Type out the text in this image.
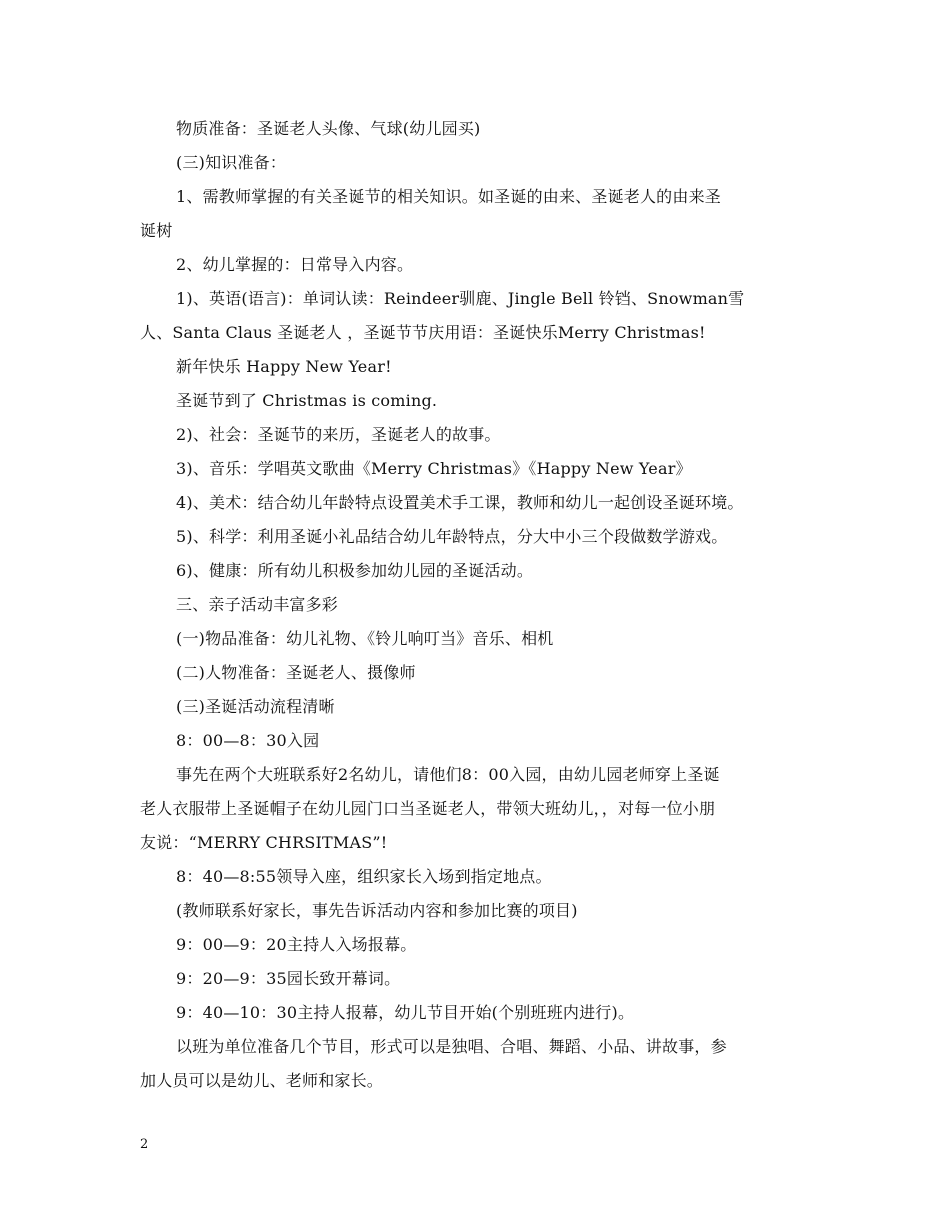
物质准备：圣诞老人头像、气球(幼儿园买)
(三)知识准备：
1、需教师掌握的有关圣诞节的相关知识。如圣诞的由来、圣诞老人的由来圣
诞树
2、幼儿掌握的：日常导入内容。
1)、英语(语言)：单词认读：Reindeer驯鹿、Jingle Bell 铃铛、Snowman雪
人、Santa Claus 圣诞老人 ，圣诞节节庆用语：圣诞快乐Merry Christmas!
新年快乐 Happy New Year!
圣诞节到了 Christmas is coming.
2)、社会：圣诞节的来历，圣诞老人的故事。
3)、音乐：学唱英文歌曲《Merry Christmas》《Happy New Year》
4)、美术：结合幼儿年龄特点设置美术手工课，教师和幼儿一起创设圣诞环境。
5)、科学：利用圣诞小礼品结合幼儿年龄特点，分大中小三个段做数学游戏。
6)、健康：所有幼儿积极参加幼儿园的圣诞活动。
三、亲子活动丰富多彩
(一)物品准备：幼儿礼物、《铃儿响叮当》音乐、相机
(二)人物准备：圣诞老人、摄像师
(三)圣诞活动流程清晰
8：00—8：30入园
事先在两个大班联系好2名幼儿，请他们8：00入园，由幼儿园老师穿上圣诞
老人衣服带上圣诞帽子在幼儿园门口当圣诞老人，带领大班幼儿，，对每一位小朋
友说：“MERRY CHRSITMAS”!
8：40—8:55领导入座，组织家长入场到指定地点。
(教师联系好家长，事先告诉活动内容和参加比赛的项目)
9：00—9：20主持人入场报幕。
9：20—9：35园长致开幕词。
9：40—10：30主持人报幕，幼儿节目开始(个别班班内进行)。
以班为单位准备几个节目，形式可以是独唱、合唱、舞蹈、小品、讲故事，参
加人员可以是幼儿、老师和家长。
2
